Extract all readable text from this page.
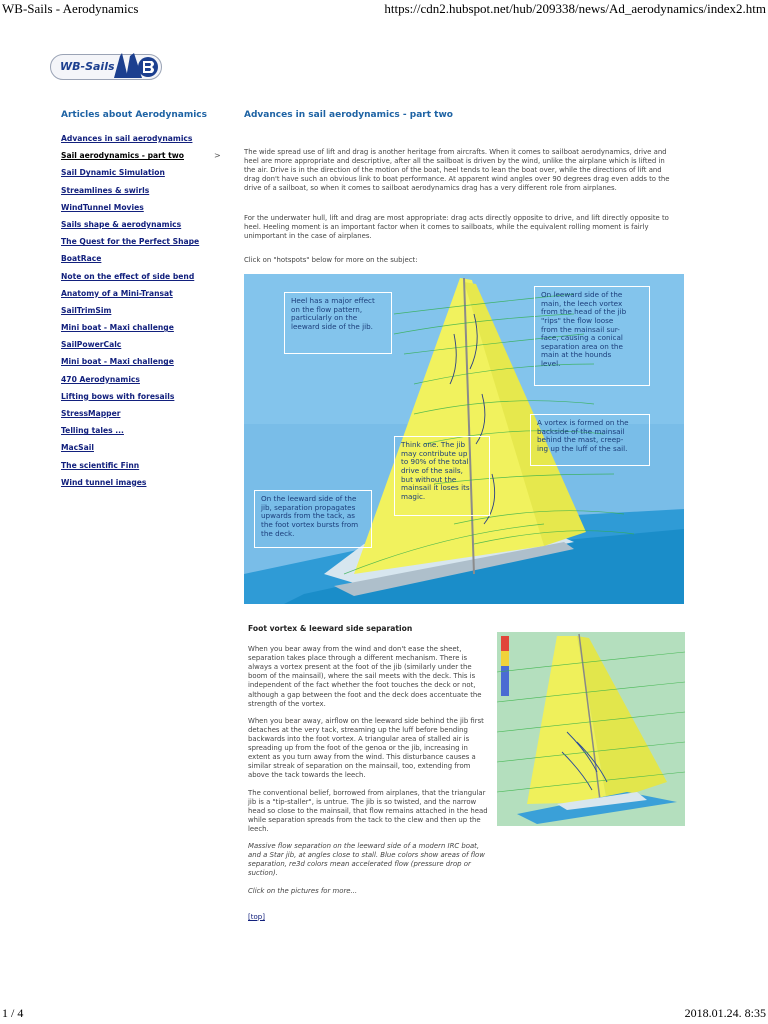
WB-Sails - Aerodynamics	https://cdn2.hubspot.net/hub/209338/news/Ad_aerodynamics/index2.htm
WB-Sails
Articles about Aerodynamics
Advances in sail aerodynamics
Sail aerodynamics - part two	>
Sail Dynamic Simulation
Streamlines & swirls
WindTunnel Movies
Sails shape & aerodynamics
The Quest for the Perfect Shape
BoatRace
Note on the effect of side bend
Anatomy of a Mini-Transat
SailTrimSim
Mini boat - Maxi challenge
SailPowerCalc
Mini boat - Maxi challenge
470 Aerodynamics
Lifting bows with foresails
StressMapper
Telling tales ...
MacSail
The scientific Finn
Wind tunnel images
Advances in sail aerodynamics - part two

The wide spread use of lift and drag is another heritage from aircrafts. When it comes to sailboat aerodynamics, drive and heel are more appropriate and descriptive, after all the sailboat is driven by the wind, unlike the airplane which is lifted in the air. Drive is in the direction of the motion of the boat, heel tends to lean the boat over, while the directions of lift and drag don't have such an obvious link to boat performance. At apparent wind angles over 90 degrees drag even adds to the drive of a sailboat, so when it comes to sailboat aerodynamics drag has a very different role from airplanes.

For the underwater hull, lift and drag are most appropriate: drag acts directly opposite to drive, and lift directly opposite to heel. Heeling moment is an important factor when it comes to sailboats, while the equivalent rolling moment is fairly unimportant in the case of airplanes.

Click on "hotspots" below for more on the subject:

Heel has a major effect
on the flow pattern,
particularly on the
leeward side of the jib.
On leeward side of the
main, the leech vortex
from the head of the jib
"rips" the flow loose
from the mainsail sur-
face, causing a conical
separation area on the
main at the hounds
level.
A vortex is formed on the
backside of the mainsail
behind the mast, creep-
ing up the luff of the sail.
Think one. The jib
may contribute up
to 90% of the total
drive of the sails,
but without the
mainsail it loses its
magic.
On the leeward side of the
jib, separation propagates
upwards from the tack, as
the foot vortex bursts from
the deck.
Foot vortex & leeward side separation

When you bear away from the wind and don't ease the sheet, separation takes place through a different mechanism. There is always a vortex present at the foot of the jib (similarly under the boom of the mainsail), where the sail meets with the deck. This is independent of the fact whether the foot touches the deck or not, although a gap between the foot and the deck does accentuate the strength of the vortex.

When you bear away, airflow on the leeward side behind the jib first detaches at the very tack, streaming up the luff before bending backwards into the foot vortex. A triangular area of stalled air is spreading up from the foot of the genoa or the jib, increasing in extent as you turn away from the wind. This disturbance causes a similar streak of separation on the mainsail, too, extending from above the tack towards the leech.

The conventional belief, borrowed from airplanes, that the triangular jib is a "tip-staller", is untrue. The jib is so twisted, and the narrow head so close to the mainsail, that flow remains attached in the head while separation spreads from the tack to the clew and then up the leech.

Massive flow separation on the leeward side of a modern IRC boat, and a Star jib, at angles close to stall. Blue colors show areas of flow separation, re3d colors mean accelerated flow (pressure drop or suction).

Click on the pictures for more...

[top]
1 / 4	2018.01.24. 8:35
